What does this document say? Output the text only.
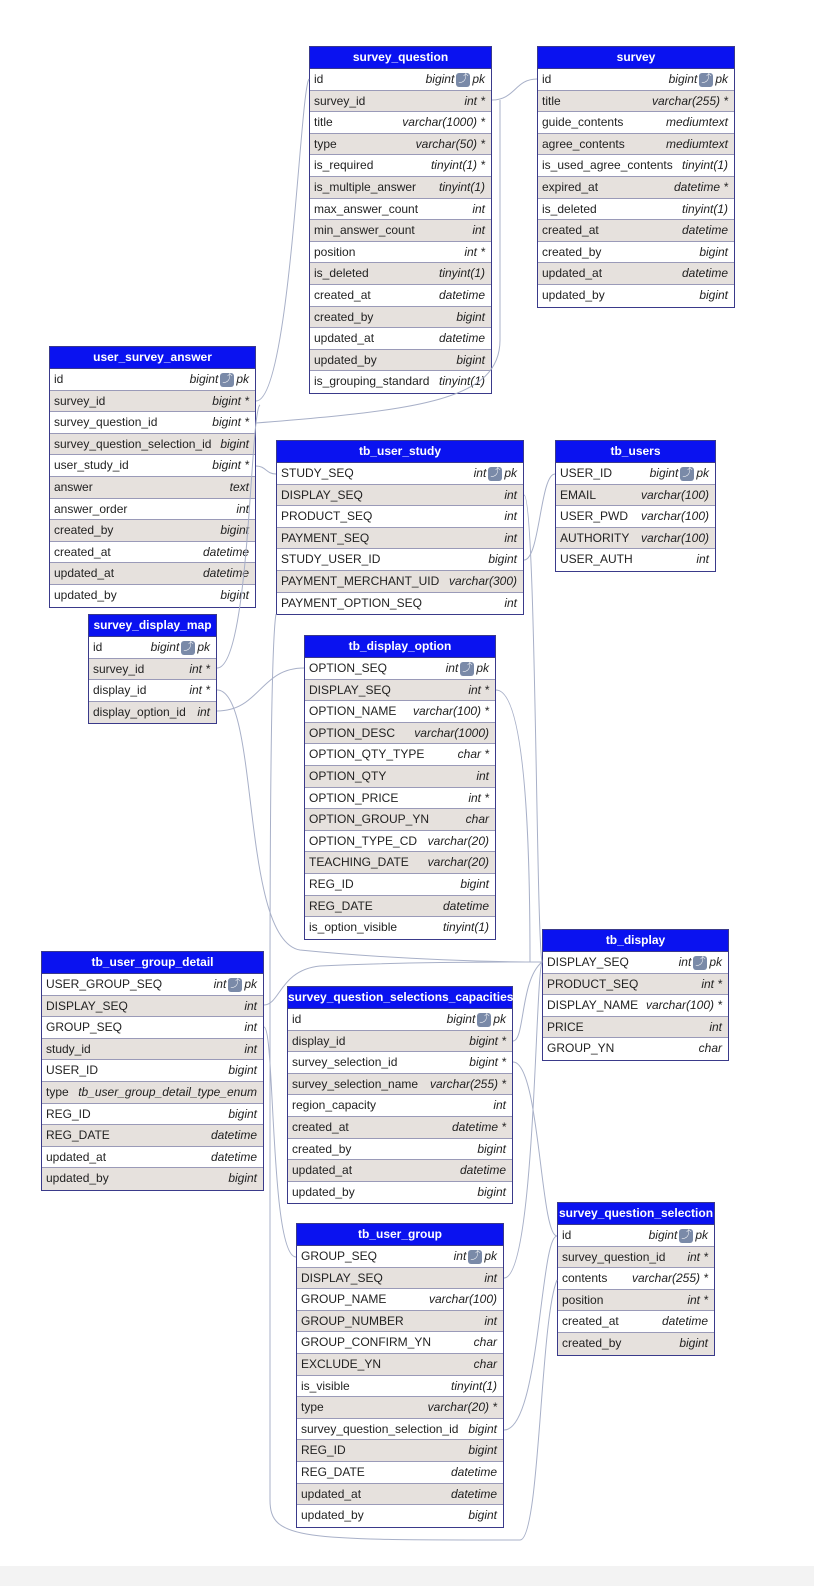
survey_question
id	bigint ⤴ pk
survey_id	int *
title	varchar(1000) *
type	varchar(50) *
is_required	tinyint(1) *
is_multiple_answer tinyint(1)
max_answer_count	int
min_answer_count	int
position	int *
is_deleted	tinyint(1)
created_at	datetime
created_by	bigint
updated_at	datetime
updated_by	bigint
is_grouping_standard tinyint(1)
survey
id	bigint ⤴ pk
title	varchar(255) *
guide_contents	mediumtext
agree_contents	mediumtext
is_used_agree_contents tinyint(1)
expired_at	datetime *
is_deleted	tinyint(1)
created_at	datetime
created_by	bigint
updated_at	datetime
updated_by	bigint
user_survey_answer
id	bigint ⤴ pk
survey_id	bigint *
survey_question_id	bigint *
survey_question_selection_id bigint
user_study_id	bigint *
answer	text
answer_order	int
created_by	bigint
created_at	datetime
updated_at	datetime
updated_by	bigint
tb_user_study
STUDY_SEQ	int ⤴ pk
DISPLAY_SEQ	int
PRODUCT_SEQ	int
PAYMENT_SEQ	int
STUDY_USER_ID	bigint
PAYMENT_MERCHANT_UID varchar(300)
PAYMENT_OPTION_SEQ	int
tb_users
USER_ID	bigint ⤴ pk
EMAIL	varchar(100)
USER_PWD varchar(100)
AUTHORITY varchar(100)
USER_AUTH	int
survey_display_map
id	bigint ⤴ pk
survey_id	int *
display_id	int *
display_option_id int
tb_display_option
OPTION_SEQ	int ⤴ pk
DISPLAY_SEQ	int *
OPTION_NAME varchar(100) *
OPTION_DESC varchar(1000)
OPTION_QTY_TYPE	char *
OPTION_QTY	int
OPTION_PRICE	int *
OPTION_GROUP_YN	char
OPTION_TYPE_CD varchar(20)
TEACHING_DATE varchar(20)
REG_ID	bigint
REG_DATE	datetime
is_option_visible	tinyint(1)
tb_display
DISPLAY_SEQ	int ⤴ pk
PRODUCT_SEQ	int *
DISPLAY_NAME varchar(100) *
PRICE	int
GROUP_YN	char
tb_user_group_detail
USER_GROUP_SEQ	int ⤴ pk
DISPLAY_SEQ	int
GROUP_SEQ	int
study_id	int
USER_ID	bigint
type tb_user_group_detail_type_enum
REG_ID	bigint
REG_DATE	datetime
updated_at	datetime
updated_by	bigint
survey_question_selections_capacities
id	bigint ⤴ pk
display_id	bigint *
survey_selection_id	bigint *
survey_selection_name varchar(255) *
region_capacity	int
created_at	datetime *
created_by	bigint
updated_at	datetime
updated_by	bigint
survey_question_selection
id	bigint ⤴ pk
survey_question_id int *
contents varchar(255) *
position	int *
created_at	datetime
created_by	bigint
tb_user_group
GROUP_SEQ	int ⤴ pk
DISPLAY_SEQ	int
GROUP_NAME	varchar(100)
GROUP_NUMBER	int
GROUP_CONFIRM_YN	char
EXCLUDE_YN	char
is_visible	tinyint(1)
type	varchar(20) *
survey_question_selection_id bigint
REG_ID	bigint
REG_DATE	datetime
updated_at	datetime
updated_by	bigint
